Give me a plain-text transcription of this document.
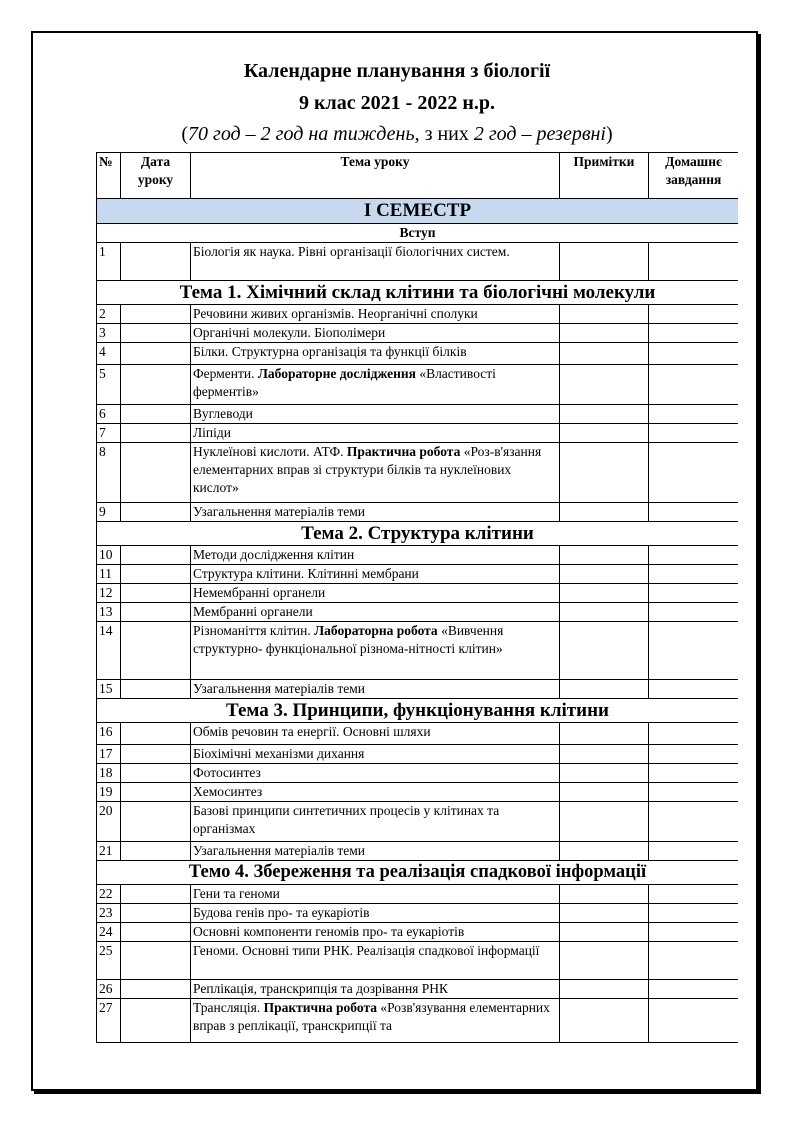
Календарне планування з біології
9 клас 2021 - 2022 н.р.
(70 год – 2 год на тиждень, з них 2 год – резервні)
№	Дата уроку	Тема уроку	Примітки	Домашнє завдання
І СЕМЕСТР				
Вступ				
1		Біологія як наука. Рівні організації біологічних систем.		
Тема 1. Хімічний склад клітини та біологічні молекули				
2		Речовини живих організмів. Неорганічні сполуки		
3		Органічні молекули. Біополімери		
4		Білки. Структурна організація та функції білків		
5		Ферменти. Лабораторне дослідження «Властивості ферментів»		
6		Вуглеводи		
7		Ліпіди		
8		Нуклеїнові кислоти. АТФ. Практична робота «Роз-в'язання елементарних вправ зі структури білків та нуклеїнових кислот»		
9		Узагальнення матеріалів теми		
Тема 2. Структура клітини				
10		Методи дослідження клітин		
11		Структура клітини. Клітинні мембрани		
12		Немембранні органели		
13		Мембранні органели		
14		Різноманіття клітин. Лабораторна робота «Вивчення структурно- функціональної різнома-нітності клітин»		
15		Узагальнення матеріалів теми		
Тема 3. Принципи, функціонування клітини				
16		Обмів речовин та енергії. Основні шляхи		
17		Біохімічні механізми дихання		
18		Фотосинтез		
19		Хемосинтез		
20		Базові принципи синтетичних процесів у клітинах та організмах		
21		Узагальнення матеріалів теми		
Темо 4. Збереження та реалізація спадкової інформації				
22		Гени та геноми		
23		Будова генів про- та еукаріотів		
24		Основні компоненти геномів про- та еукаріотів		
25		Геноми. Основні типи РНК. Реалізація спадкової інформації		
26		Реплікація, транскрипція та дозрівання РНК		
27		Трансляція. Практична робота «Розв'язування елементарних вправ з реплікації, транскрипції та		
